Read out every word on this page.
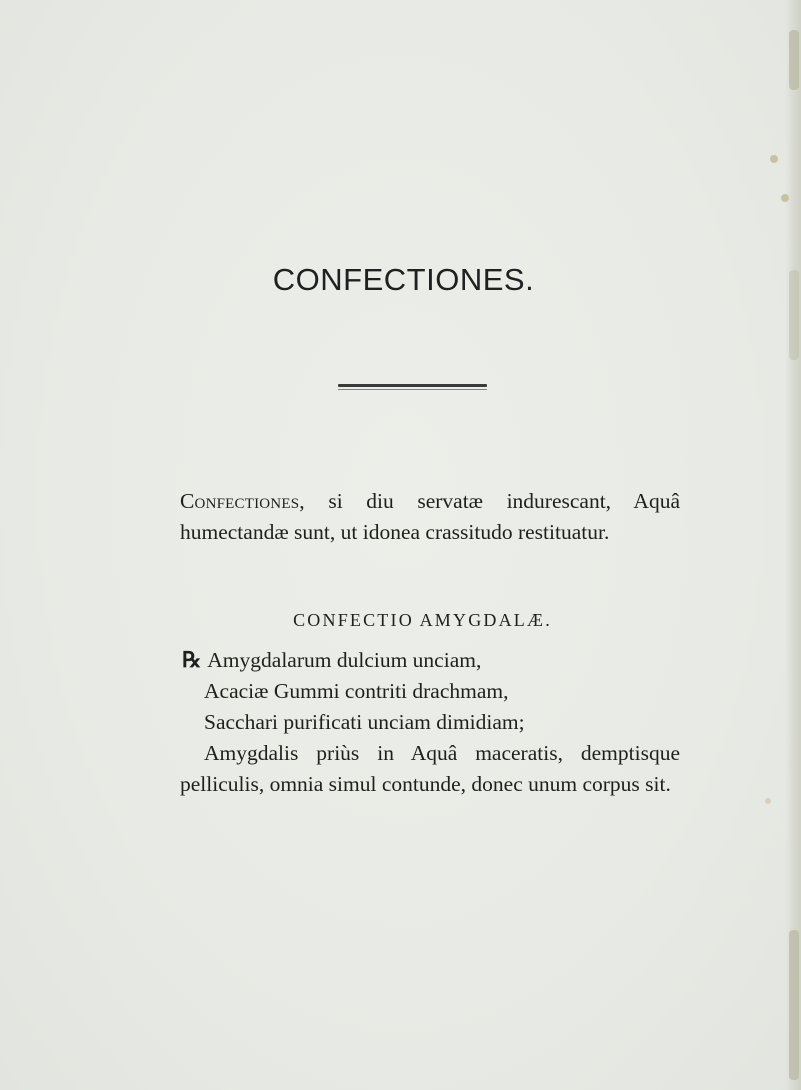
CONFECTIONES.

Confectiones, si diu servatæ indurescant, Aquâ humectandæ sunt, ut idonea crassitudo restituatur.

CONFECTIO AMYGDALÆ.
℞ Amygdalarum dulcium unciam,
Acaciæ Gummi contriti drachmam,
Sacchari purificati unciam dimidiam;

Amygdalis priùs in Aquâ maceratis, demptisque pelliculis, omnia simul contunde, donec unum corpus sit.
